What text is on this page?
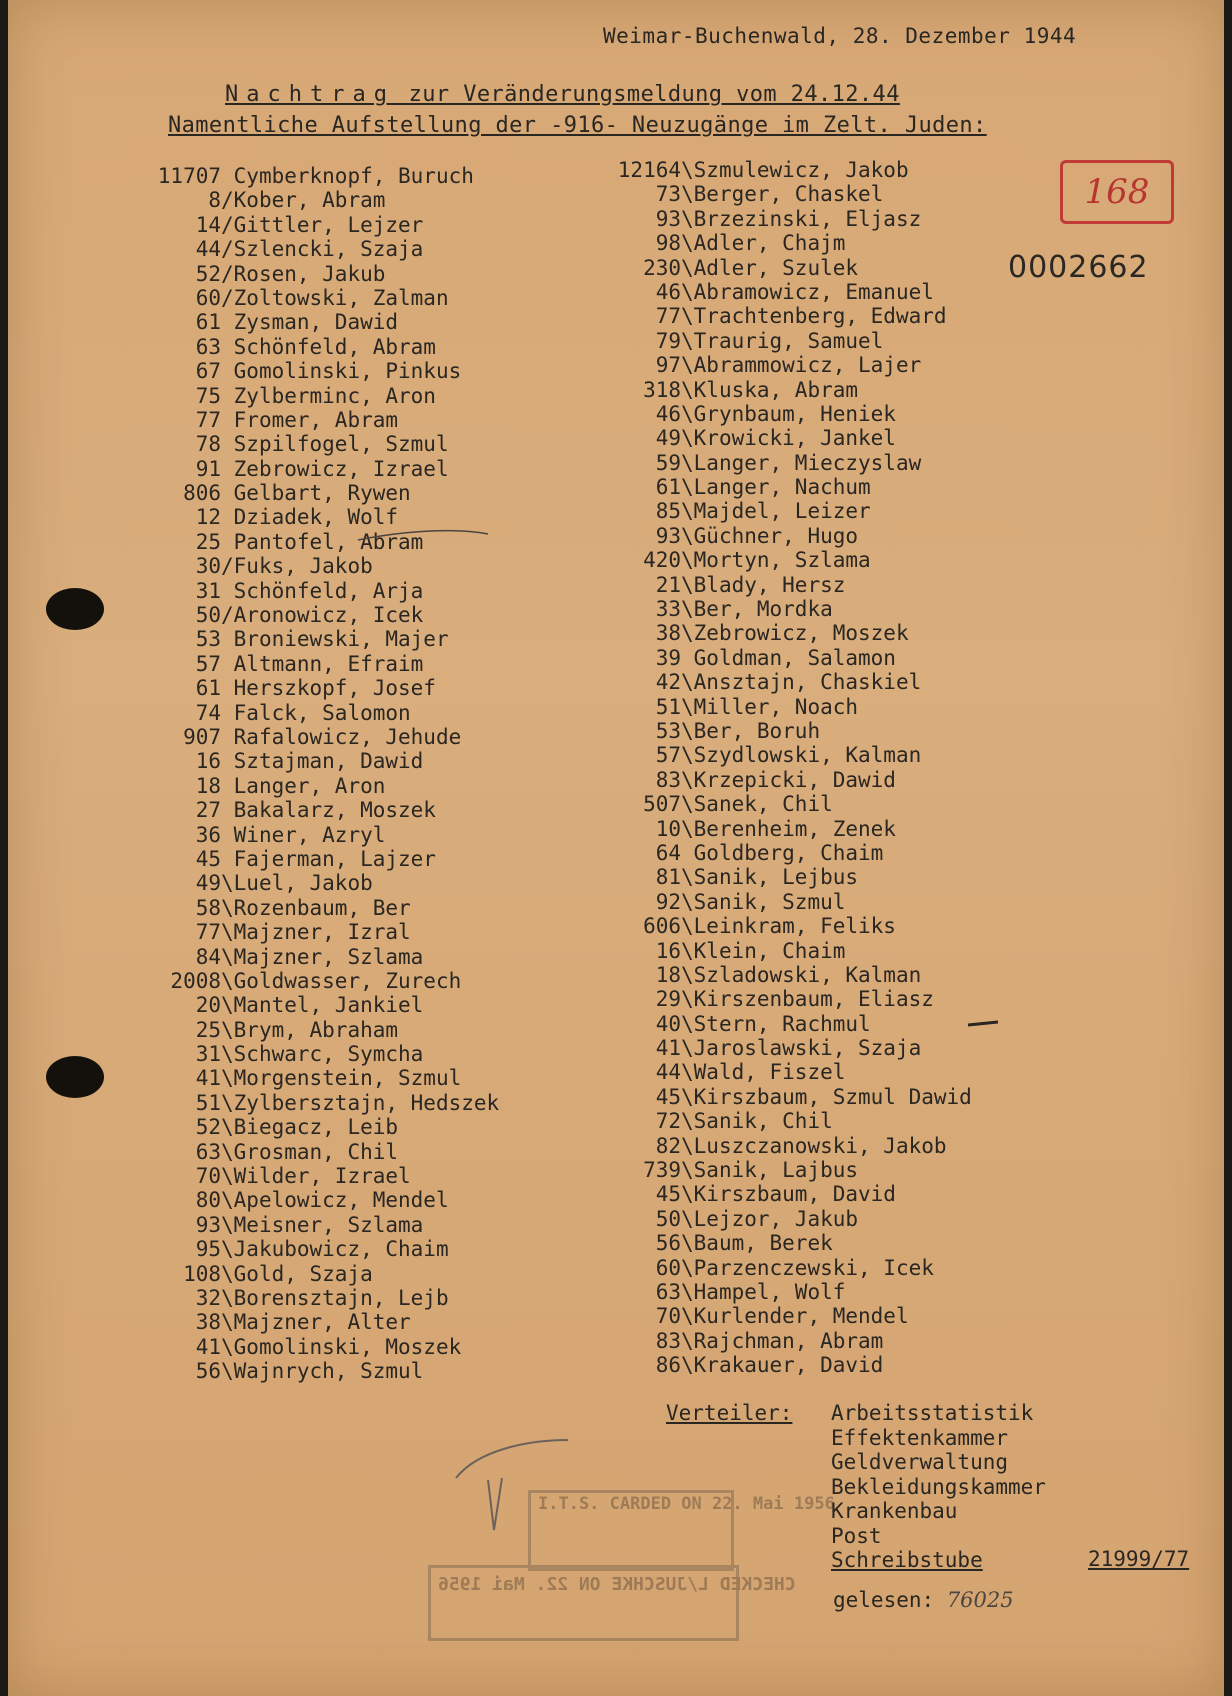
Weimar-Buchenwald, 28. Dezember 1944
Nachtrag zur Veränderungsmeldung vom 24.12.44
Namentliche Aufstellung der -916- Neuzugänge im Zelt. Juden:
168
0002662
11707 Cymberknopf, Buruch
8/Kober, Abram
14/Gittler, Lejzer
44/Szlencki, Szaja
52/Rosen, Jakub
60/Zoltowski, Zalman
61 Zysman, Dawid
63 Schönfeld, Abram
67 Gomolinski, Pinkus
75 Zylberminc, Aron
77 Fromer, Abram
78 Szpilfogel, Szmul
91 Zebrowicz, Izrael
806 Gelbart, Rywen
12 Dziadek, Wolf
25 Pantofel, Abram
30/Fuks, Jakob
31 Schönfeld, Arja
50/Aronowicz, Icek
53 Broniewski, Majer
57 Altmann, Efraim
61 Herszkopf, Josef
74 Falck, Salomon
907 Rafalowicz, Jehude
16 Sztajman, Dawid
18 Langer, Aron
27 Bakalarz, Moszek
36 Winer, Azryl
45 Fajerman, Lajzer
49\Luel, Jakob
58\Rozenbaum, Ber
77\Majzner, Izral
84\Majzner, Szlama
2008\Goldwasser, Zurech
20\Mantel, Jankiel
25\Brym, Abraham
31\Schwarc, Symcha
41\Morgenstein, Szmul
51\Zylbersztajn, Hedszek
52\Biegacz, Leib
63\Grosman, Chil
70\Wilder, Izrael
80\Apelowicz, Mendel
93\Meisner, Szlama
95\Jakubowicz, Chaim
108\Gold, Szaja
32\Borensztajn, Lejb
38\Majzner, Alter
41\Gomolinski, Moszek
56\Wajnrych, Szmul
12164\Szmulewicz, Jakob
73\Berger, Chaskel
93\Brzezinski, Eljasz
98\Adler, Chajm
230\Adler, Szulek
46\Abramowicz, Emanuel
77\Trachtenberg, Edward
79\Traurig, Samuel
97\Abrammowicz, Lajer
318\Kluska, Abram
46\Grynbaum, Heniek
49\Krowicki, Jankel
59\Langer, Mieczyslaw
61\Langer, Nachum
85\Majdel, Leizer
93\Güchner, Hugo
420\Mortyn, Szlama
21\Blady, Hersz
33\Ber, Mordka
38\Zebrowicz, Moszek
39 Goldman, Salamon
42\Ansztajn, Chaskiel
51\Miller, Noach
53\Ber, Boruh
57\Szydlowski, Kalman
83\Krzepicki, Dawid
507\Sanek, Chil
10\Berenheim, Zenek
64 Goldberg, Chaim
81\Sanik, Lejbus
92\Sanik, Szmul
606\Leinkram, Feliks
16\Klein, Chaim
18\Szladowski, Kalman
29\Kirszenbaum, Eliasz
40\Stern, Rachmul
41\Jaroslawski, Szaja
44\Wald, Fiszel
45\Kirszbaum, Szmul Dawid
72\Sanik, Chil
82\Luszczanowski, Jakob
739\Sanik, Lajbus
45\Kirszbaum, David
50\Lejzor, Jakub
56\Baum, Berek
60\Parzenczewski, Icek
63\Hampel, Wolf
70\Kurlender, Mendel
83\Rajchman, Abram
86\Krakauer, David
Verteiler: Arbeitsstatistik
Effektenkammer
Geldverwaltung
Bekleidungskammer
Krankenbau
Post
Schreibstube	21999/77
gelesen: 76025
I.T.S. CARDED ON 22. Mai 1956
CHECKED L/JUSCHKE ON 22. Mai 1956
